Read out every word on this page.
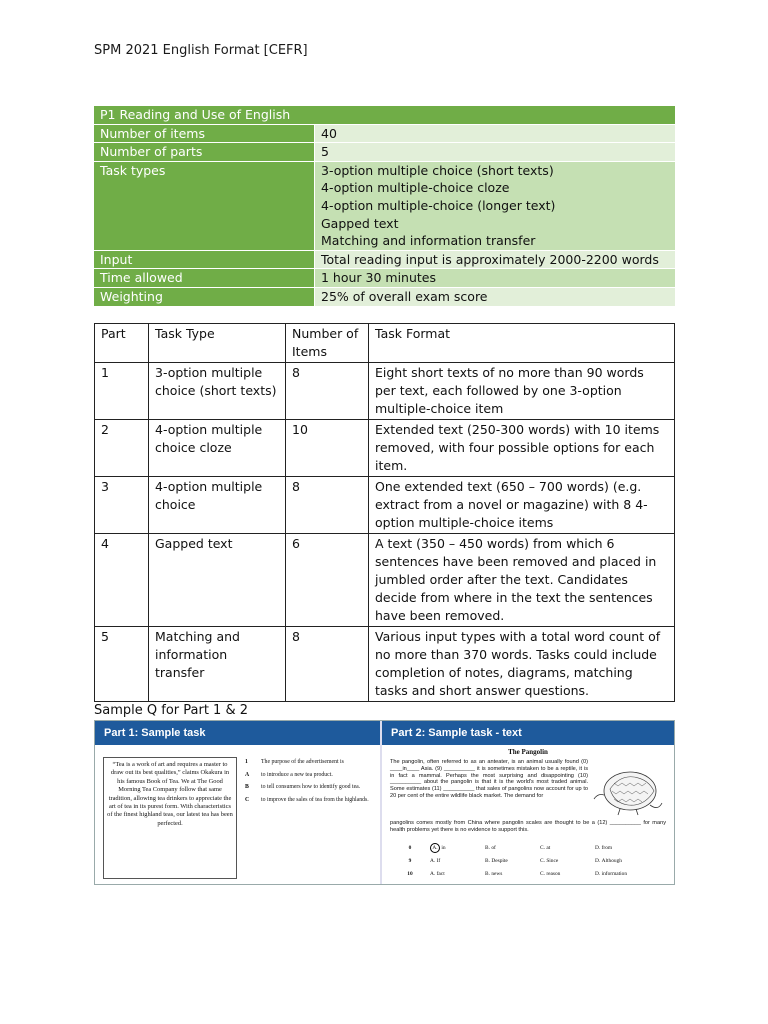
SPM 2021 English Format [CEFR]
P1 Reading and Use of English	
Number of items	40
Number of parts	5
Task types	3-option multiple choice (short texts)
4-option multiple-choice cloze
4-option multiple-choice (longer text)
Gapped text
Matching and information transfer

Input	Total reading input is approximately 2000-2200 words
Time allowed	1 hour 30 minutes
Weighting	25% of overall exam score
Part	Task Type	Number of Items	Task Format
1	3-option multiple choice (short texts)	8	Eight short texts of no more than 90 words per text, each followed by one 3-option multiple-choice item
2	4-option multiple choice cloze	10	Extended text (250-300 words) with 10 items removed, with four possible options for each item.
3	4-option multiple choice	8	One extended text (650 – 700 words) (e.g. extract from a novel or magazine) with 8 4-option multiple-choice items
4	Gapped text	6	A text (350 – 450 words) from which 6 sentences have been removed and placed in jumbled order after the text. Candidates decide from where in the text the sentences have been removed.
5	Matching and information transfer	8	Various input types with a total word count of no more than 370 words. Tasks could include completion of notes, diagrams, matching tasks and short answer questions.
Sample Q for Part 1 & 2
Part 1: Sample task
“Tea is a work of art and requires a master to draw out its best qualities,” claims Okakura in his famous Book of Tea. We at The Good Morning Tea Company follow that same tradition, allowing tea drinkers to appreciate the art of tea in its purest form. With characteristics of the finest highland teas, our latest tea has been perfected.
1	The purpose of the advertisement is
A	to introduce a new tea product.
B	to tell consumers how to identify good tea.
C	to improve the sales of tea from the highlands.
Part 2: Sample task - text
The Pangolin
The pangolin, often referred to as an anteater, is an animal usually found (0) ____in____ Asia. (9) __________ it is sometimes mistaken to be a reptile, it is in fact a mammal. Perhaps the most surprising and disappointing (10) __________ about the pangolin is that it is the world's most traded animal. Some estimates (11) __________ that sales of pangolins now account for up to 20 per cent of the entire wildlife black market. The demand for
pangolins comes mostly from China where pangolin scales are thought to be a (12) __________ for many health problems yet there is no evidence to support this.
0	A. in	B. of	C. at	D. from
9	A. If	B. Despite	C. Since	D. Although
10	A. fact	B. news	C. reason	D. information
